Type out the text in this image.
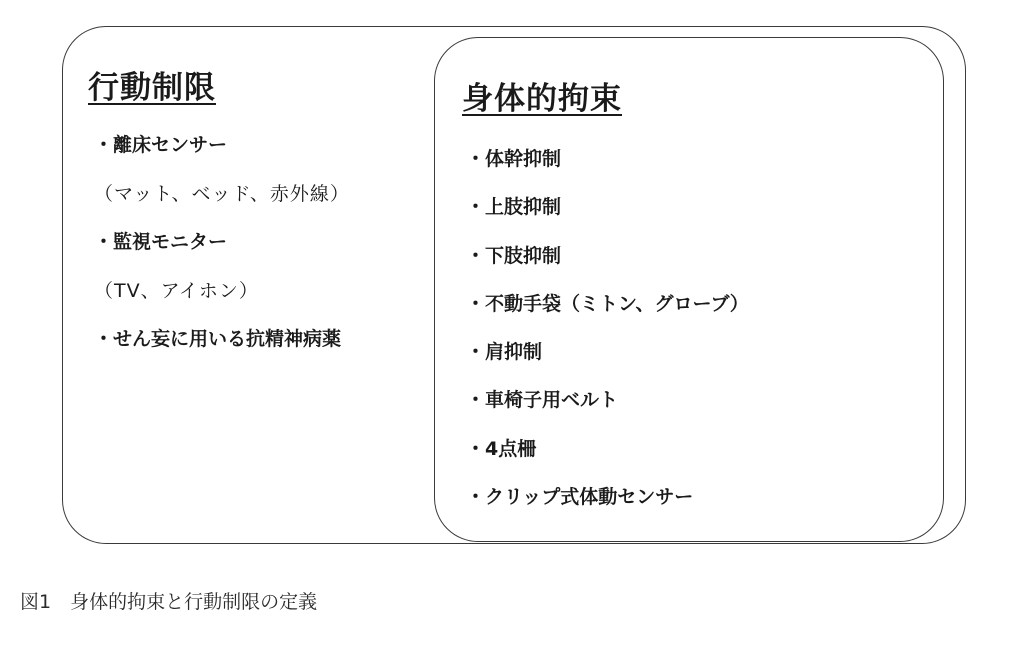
行動制限
・離床センサー
（マット、ベッド、赤外線）
・監視モニター
（TV、アイホン）
・せん妄に用いる抗精神病薬
身体的拘束
・体幹抑制
・上肢抑制
・下肢抑制
・不動手袋（ミトン、グローブ）
・肩抑制
・車椅子用ベルト
・4点柵
・クリップ式体動センサー
図1　身体的拘束と行動制限の定義
